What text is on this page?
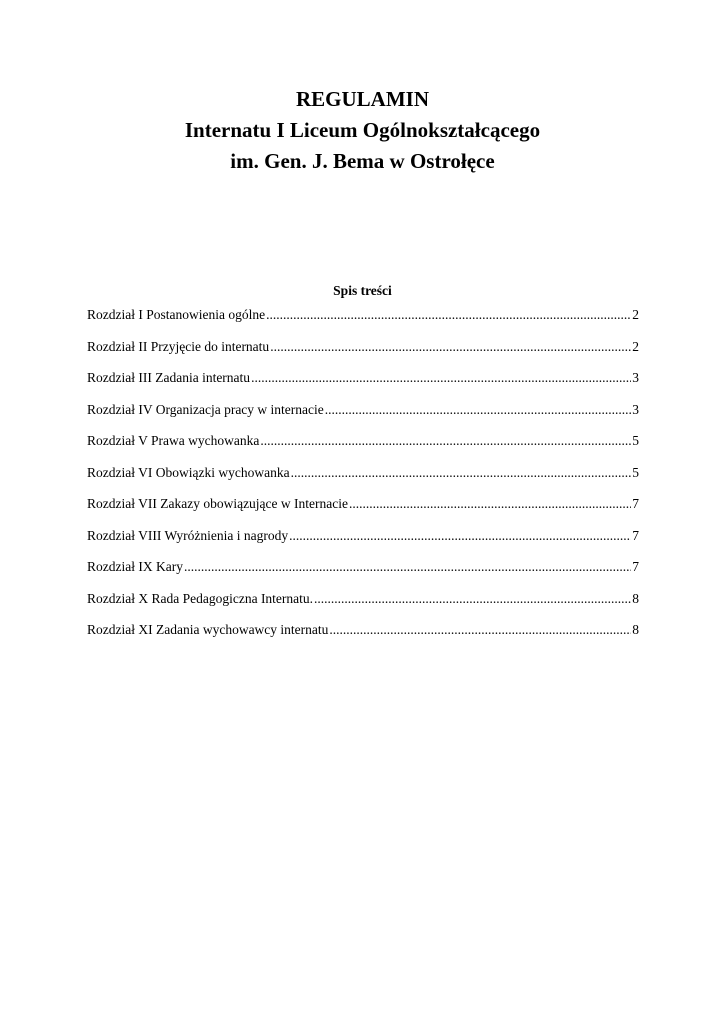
REGULAMIN
Internatu I Liceum Ogólnokształcącego
im. Gen. J. Bema w Ostrołęce
Spis treści
Rozdział I Postanowienia ogólne .....	2
Rozdział II Przyjęcie do internatu .....	2
Rozdział III Zadania internatu .....	3
Rozdział IV Organizacja pracy w internacie .....	3
Rozdział V Prawa wychowanka .....	5
Rozdział VI Obowiązki wychowanka .....	5
Rozdział VII Zakazy obowiązujące w Internacie .....	7
Rozdział VIII Wyróżnienia i nagrody .....	7
Rozdział IX Kary .....	7
Rozdział X Rada Pedagogiczna Internatu. .....	8
Rozdział XI Zadania wychowawcy internatu .....	8
